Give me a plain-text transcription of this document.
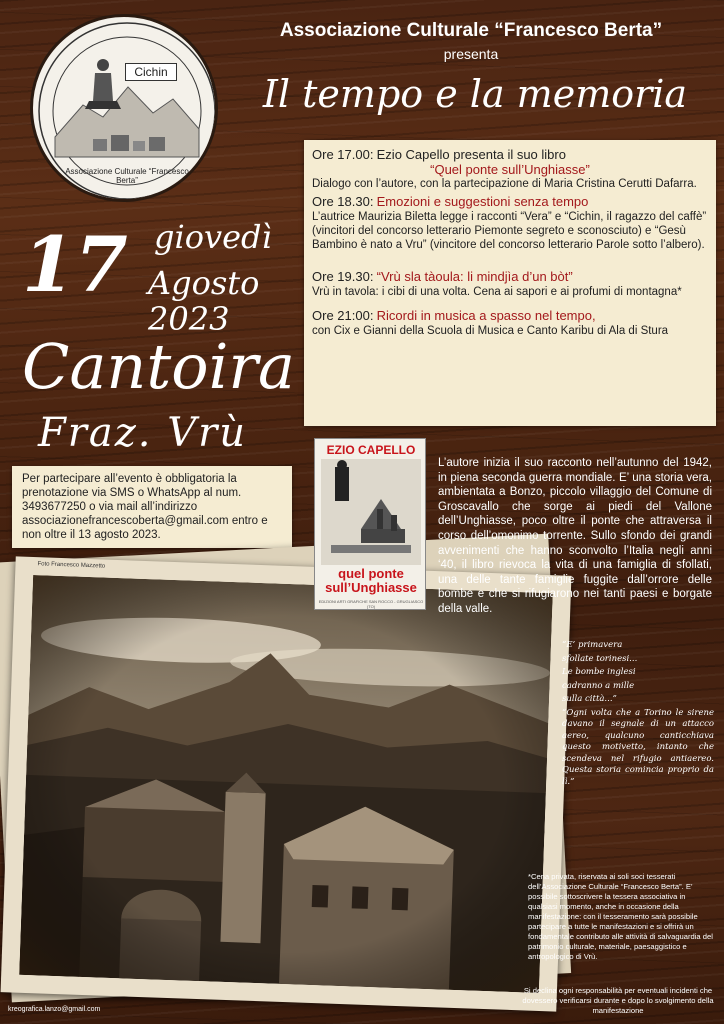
Cichin
Associazione Culturale “Francesco Berta”
Associazione Culturale “Francesco Berta”
presenta
Il tempo e la memoria

Ore 17.00: Ezio Capello presenta il suo libro

“Quel ponte sull’Unghiasse”
Dialogo con l’autore, con la partecipazione di Maria Cristina Cerutti Dafarra.

Ore 18.30: Emozioni e suggestioni senza tempo
L’autrice Maurizia Biletta legge i racconti “Vera” e “Cichin, il ragazzo del caffè” (vincitori del concorso letterario Piemonte segreto e sconosciuto) e “Gesù Bambino è nato a Vru” (vincitore del concorso letterario Parole sotto l’albero).

Ore 19.30: “Vrù sla tàoula: li mindjìa d’un bòt”
Vrù in tavola: i cibi di una volta. Cena ai sapori e ai profumi di montagna*

Ore 21:00: Ricordi in musica a spasso nel tempo,
con Cix e Gianni della Scuola di Musica e Canto Karibu di Ala di Stura

17 giovedì
Agosto
2023
Cantoira
Fraz. Vrù
Per partecipare all’evento è obbligatoria la prenotazione via SMS o WhatsApp al num. 3493677250 o via mail all’indirizzo associazionefrancescoberta@gmail.com entro e non oltre il 13 agosto 2023.
Foto Francesco Mazzetto
EZIO CAPELLO
quel ponte
sull’Unghiasse
EDIZIONI ARTI GRAFICHE SAN ROCCO - GRUGLIASCO (TO)
L’autore inizia il suo racconto nell’autunno del 1942, in piena seconda guerra mondiale. E’ una storia vera, ambientata a Bonzo, piccolo villaggio del Comune di Groscavallo che sorge ai piedi del Vallone dell’Unghiasse, poco oltre il ponte che attraversa il corso dell’omonimo torrente. Sullo sfondo dei grandi avvenimenti che hanno sconvolto l’Italia negli anni ‘40, il libro rievoca la vita di una famiglia di sfollati, una delle tante famiglie fuggite dall’orrore delle bombe e che si rifugiarono nei tanti paesi e borgate della valle.

“E’ primavera

sfollate torinesi...

Le bombe inglesi

cadranno a mille

sulla città...”

“Ogni volta che a Torino le sirene davano il segnale di un attacco aereo, qualcuno canticchiava questo motivetto, intanto che scendeva nel rifugio antiaereo. Questa storia comincia proprio da lì.”

*Cena privata, riservata ai soli soci tesserati dell’Associazione Culturale “Francesco Berta”. E’ possibile sottoscrivere la tessera associativa in qualsiasi momento, anche in occasione della manifestazione: con il tesseramento sarà possibile partecipare a tutte le manifestazioni e si offrirà un fondamentale contributo alle attività di salvaguardia del patrimonio culturale, materiale, paesaggistico e antropologico di Vrù.
Si declina ogni responsabilità per eventuali incidenti che dovessero verificarsi durante e dopo lo svolgimento della manifestazione
kreografica.lanzo@gmail.com
